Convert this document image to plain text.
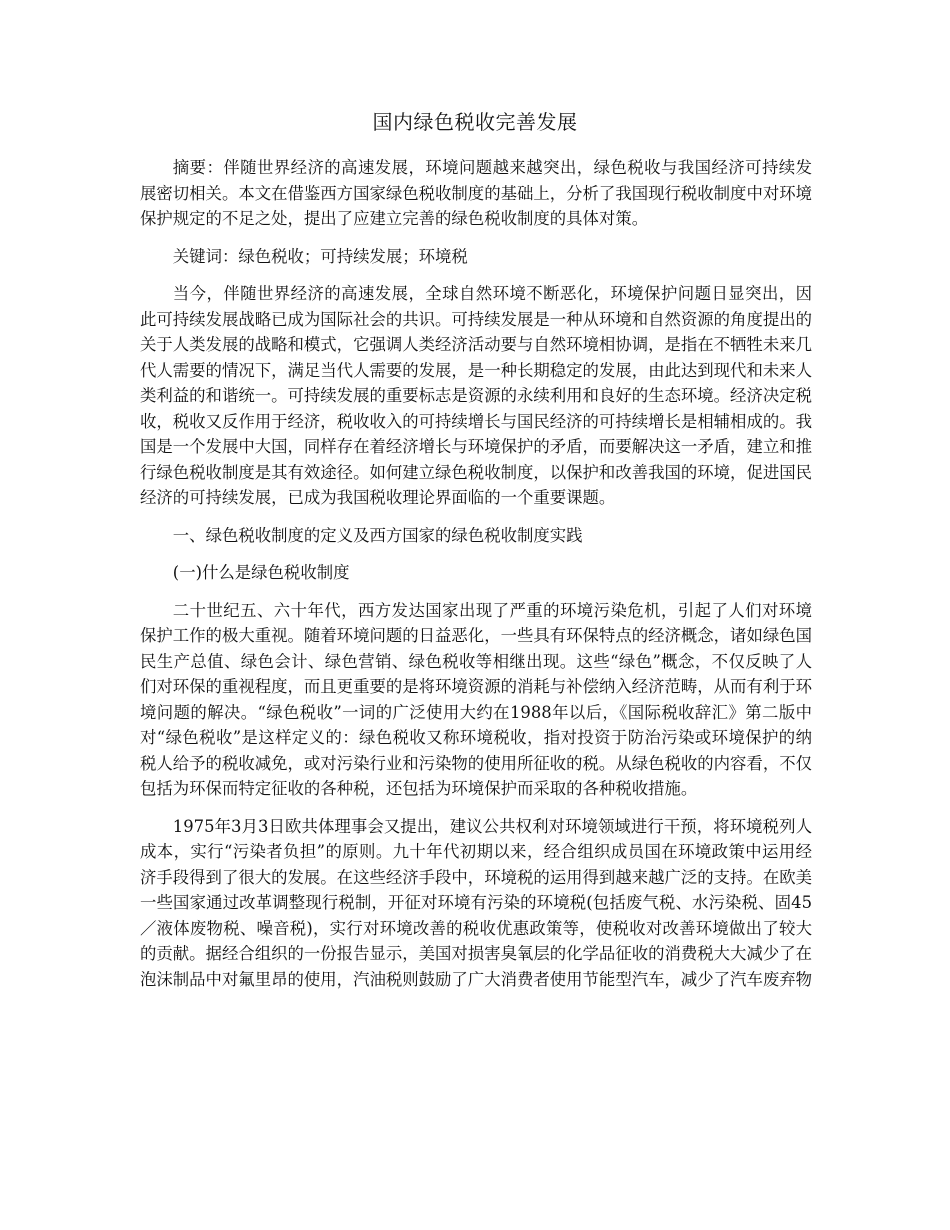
国内绿色税收完善发展

摘要：伴随世界经济的高速发展，环境问题越来越突出，绿色税收与我国经济可持续发展密切相关。本文在借鉴西方国家绿色税收制度的基础上，分析了我国现行税收制度中对环境保护规定的不足之处，提出了应建立完善的绿色税收制度的具体对策。

关键词：绿色税收；可持续发展；环境税

当今，伴随世界经济的高速发展，全球自然环境不断恶化，环境保护问题日显突出，因此可持续发展战略已成为国际社会的共识。可持续发展是一种从环境和自然资源的角度提出的关于人类发展的战略和模式，它强调人类经济活动要与自然环境相协调，是指在不牺牲未来几代人需要的情况下，满足当代人需要的发展，是一种长期稳定的发展，由此达到现代和未来人类利益的和谐统一。可持续发展的重要标志是资源的永续利用和良好的生态环境。经济决定税收，税收又反作用于经济，税收收入的可持续增长与国民经济的可持续增长是相辅相成的。我国是一个发展中大国，同样存在着经济增长与环境保护的矛盾，而要解决这一矛盾，建立和推行绿色税收制度是其有效途径。如何建立绿色税收制度，以保护和改善我国的环境，促进国民经济的可持续发展，已成为我国税收理论界面临的一个重要课题。

一、绿色税收制度的定义及西方国家的绿色税收制度实践

(一)什么是绿色税收制度

二十世纪五、六十年代，西方发达国家出现了严重的环境污染危机，引起了人们对环境保护工作的极大重视。随着环境问题的日益恶化，一些具有环保特点的经济概念，诸如绿色国民生产总值、绿色会计、绿色营销、绿色税收等相继出现。这些“绿色”概念，不仅反映了人们对环保的重视程度，而且更重要的是将环境资源的消耗与补偿纳入经济范畴，从而有利于环境问题的解决。“绿色税收”一词的广泛使用大约在1988年以后，《国际税收辞汇》第二版中对“绿色税收”是这样定义的：绿色税收又称环境税收，指对投资于防治污染或环境保护的纳税人给予的税收减免，或对污染行业和污染物的使用所征收的税。从绿色税收的内容看，不仅包括为环保而特定征收的各种税，还包括为环境保护而采取的各种税收措施。

1975年3月3日欧共体理事会又提出，建议公共权利对环境领域进行干预，将环境税列人成本，实行“污染者负担”的原则。九十年代初期以来，经合组织成员国在环境政策中运用经济手段得到了很大的发展。在这些经济手段中，环境税的运用得到越来越广泛的支持。在欧美一些国家通过改革调整现行税制，开征对环境有污染的环境税(包括废气税、水污染税、固45／液体废物税、噪音税)，实行对环境改善的税收优惠政策等，使税收对改善环境做出了较大的贡献。据经合组织的一份报告显示，美国对损害臭氧层的化学品征收的消费税大大减少了在泡沫制品中对氟里昂的使用，汽油税则鼓励了广大消费者使用节能型汽车，减少了汽车废弃物
